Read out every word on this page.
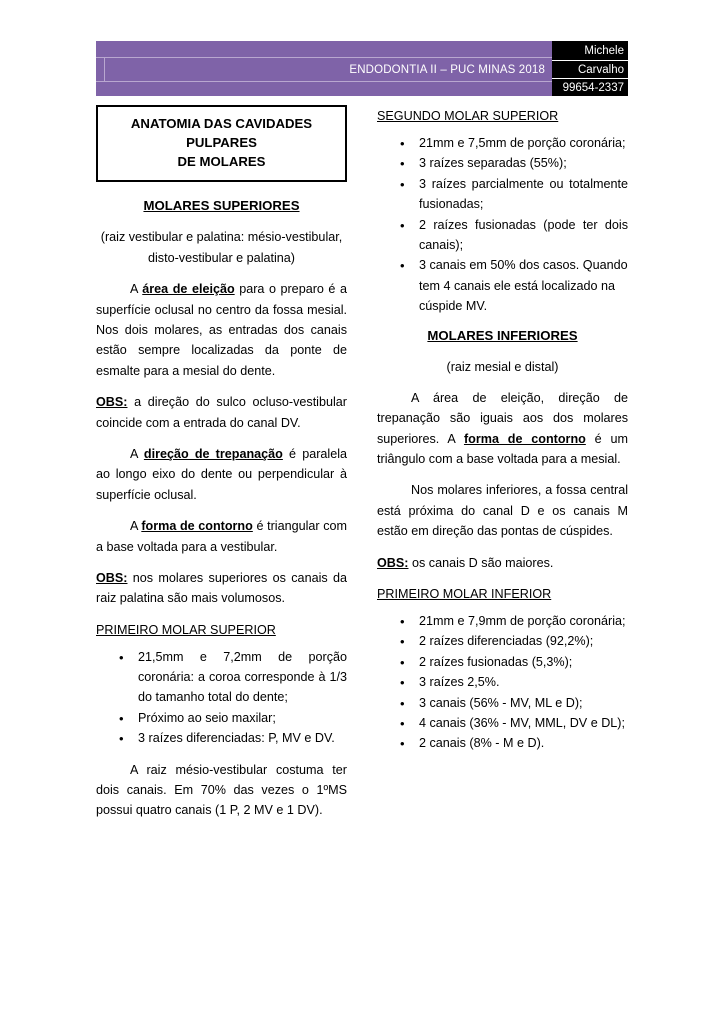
ENDODONTIA II – PUC MINAS 2018
Michele
Carvalho
99654-2337
ANATOMIA DAS CAVIDADES PULPARES
DE MOLARES
MOLARES SUPERIORES

(raiz vestibular e palatina: mésio-vestibular, disto-vestibular e palatina)

A área de eleição para o preparo é a superfície oclusal no centro da fossa mesial. Nos dois molares, as entradas dos canais estão sempre localizadas da ponte de esmalte para a mesial do dente.

OBS: a direção do sulco ocluso-vestibular coincide com a entrada do canal DV.

A direção de trepanação é paralela ao longo eixo do dente ou perpendicular à superfície oclusal.

A forma de contorno é triangular com a base voltada para a vestibular.

OBS: nos molares superiores os canais da raiz palatina são mais volumosos.

PRIMEIRO MOLAR SUPERIOR
• 21,5mm e 7,2mm de porção coronária: a coroa corresponde à 1/3 do tamanho total do dente;
• Próximo ao seio maxilar;
• 3 raízes diferenciadas: P, MV e DV.

A raiz mésio-vestibular costuma ter dois canais. Em 70% das vezes o 1ºMS possui quatro canais (1 P, 2 MV e 1 DV).

SEGUNDO MOLAR SUPERIOR
• 21mm e 7,5mm de porção coronária;
• 3 raízes separadas (55%);
• 3 raízes parcialmente ou totalmente fusionadas;
• 2 raízes fusionadas (pode ter dois canais);
• 3 canais em 50% dos casos. Quando tem 4 canais ele está localizado na cúspide MV.
MOLARES INFERIORES

(raiz mesial e distal)

A área de eleição, direção de trepanação são iguais aos dos molares superiores. A forma de contorno é um triângulo com a base voltada para a mesial.

Nos molares inferiores, a fossa central está próxima do canal D e os canais M estão em direção das pontas de cúspides.

OBS: os canais D são maiores.

PRIMEIRO MOLAR INFERIOR
• 21mm e 7,9mm de porção coronária;
• 2 raízes diferenciadas (92,2%);
• 2 raízes fusionadas (5,3%);
• 3 raízes 2,5%.
• 3 canais (56% - MV, ML e D);
• 4 canais (36% - MV, MML, DV e DL);
• 2 canais (8% - M e D).
